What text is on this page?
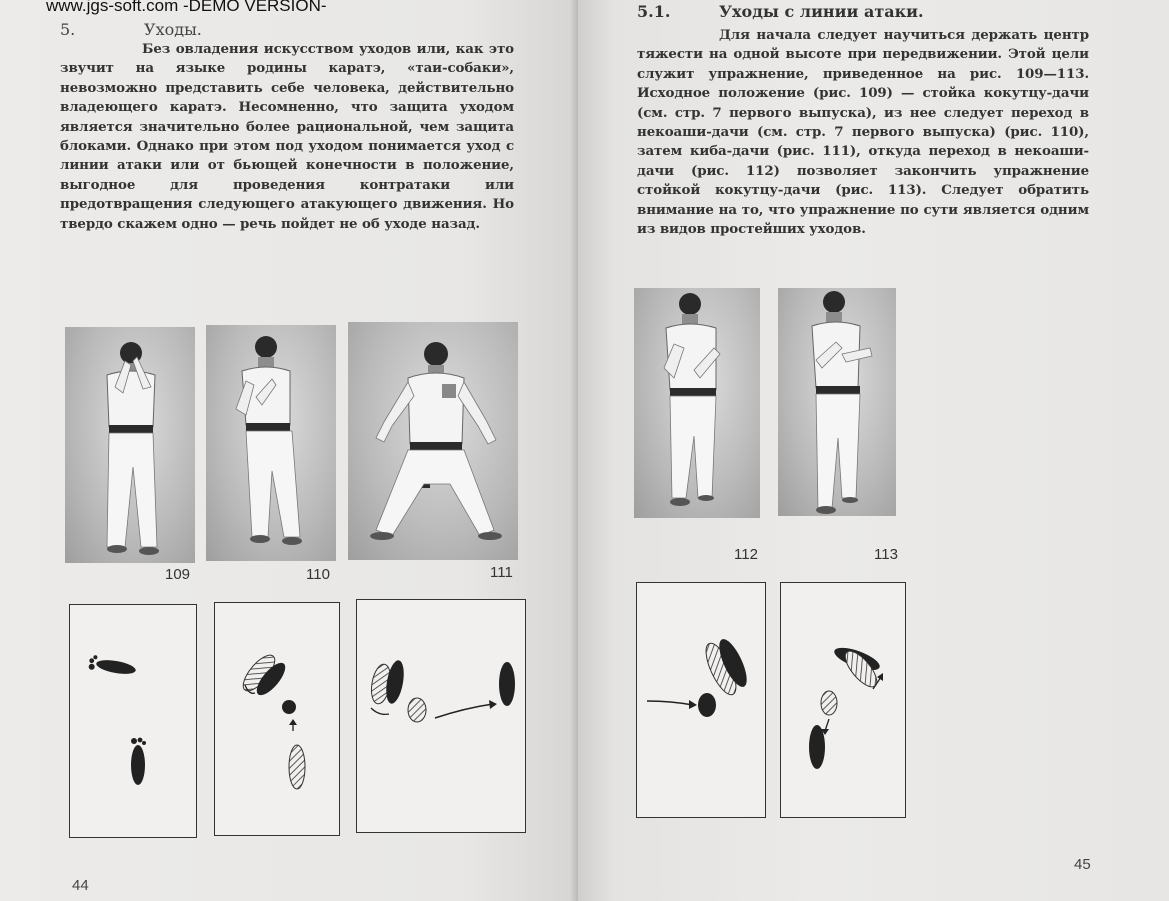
www.jgs-soft.com -DEMO VERSION-
5.	Уходы.
Без овладения искусством уходов или, как это звучит на языке родины каратэ, «таи-собаки», невозможно представить себе человека, действительно владеющего каратэ. Несомненно, что защита уходом является значительно более рациональной, чем защита блоками. Однако при этом под уходом понимается уход с линии атаки или от бьющей конечности в положение, выгодное для проведения контратаки или предотвращения следующего атакующего движения. Но твердо скажем одно — речь пойдет не об уходе назад.
109	110	111
44
5.1.	Уходы с линии атаки.
Для начала следует научиться держать центр тяжести на одной высоте при передвижении. Этой цели служит упражнение, приведенное на рис. 109—113. Исходное положение (рис. 109) — стойка кокутцу-дачи (см. стр. 7 первого выпуска), из нее следует переход в некоаши-дачи (см. стр. 7 первого выпуска) (рис. 110), затем киба-дачи (рис. 111), откуда переход в некоаши-дачи (рис. 112) позволяет закончить упражнение стойкой кокутцу-дачи (рис. 113). Следует обратить внимание на то, что упражнение по сути является одним из видов простейших уходов.
112	113
45
